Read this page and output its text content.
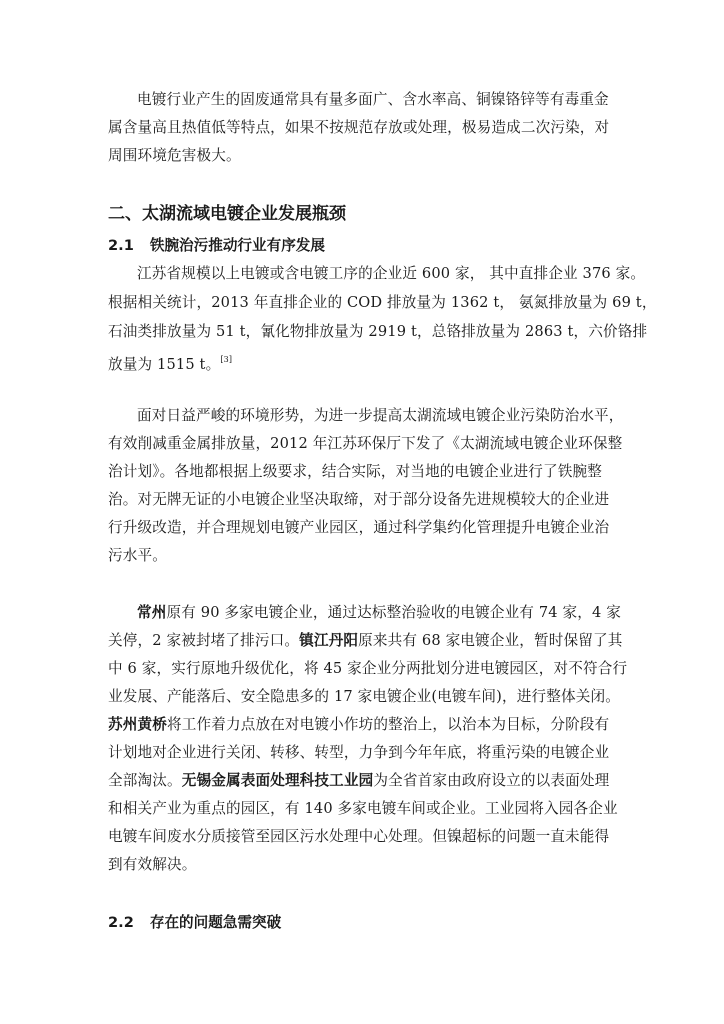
电镀行业产生的固废通常具有量多面广、含水率高、铜镍铬锌等有毒重金
属含量高且热值低等特点，如果不按规范存放或处理，极易造成二次污染，对
周围环境危害极大。
二、太湖流域电镀企业发展瓶颈
2.1 铁腕治污推动行业有序发展
江苏省规模以上电镀或含电镀工序的企业近 600 家， 其中直排企业 376 家。
根据相关统计，2013 年直排企业的 COD 排放量为 1362 t， 氨氮排放量为 69 t，
石油类排放量为 51 t，氰化物排放量为 2919 t，总铬排放量为 2863 t，六价铬排
放量为 1515 t。[3]
面对日益严峻的环境形势，为进一步提高太湖流域电镀企业污染防治水平，
有效削减重金属排放量，2012 年江苏环保厅下发了《太湖流域电镀企业环保整
治计划》。各地都根据上级要求，结合实际，对当地的电镀企业进行了铁腕整
治。对无牌无证的小电镀企业坚决取缔，对于部分设备先进规模较大的企业进
行升级改造，并合理规划电镀产业园区，通过科学集约化管理提升电镀企业治
污水平。
常州原有 90 多家电镀企业，通过达标整治验收的电镀企业有 74 家，4 家
关停，2 家被封堵了排污口。镇江丹阳原来共有 68 家电镀企业，暂时保留了其
中 6 家，实行原地升级优化，将 45 家企业分两批划分进电镀园区，对不符合行
业发展、产能落后、安全隐患多的 17 家电镀企业(电镀车间)，进行整体关闭。
苏州黄桥将工作着力点放在对电镀小作坊的整治上，以治本为目标，分阶段有
计划地对企业进行关闭、转移、转型，力争到今年年底，将重污染的电镀企业
全部淘汰。无锡金属表面处理科技工业园为全省首家由政府设立的以表面处理
和相关产业为重点的园区，有 140 多家电镀车间或企业。工业园将入园各企业
电镀车间废水分质接管至园区污水处理中心处理。但镍超标的问题一直未能得
到有效解决。
2.2 存在的问题急需突破
